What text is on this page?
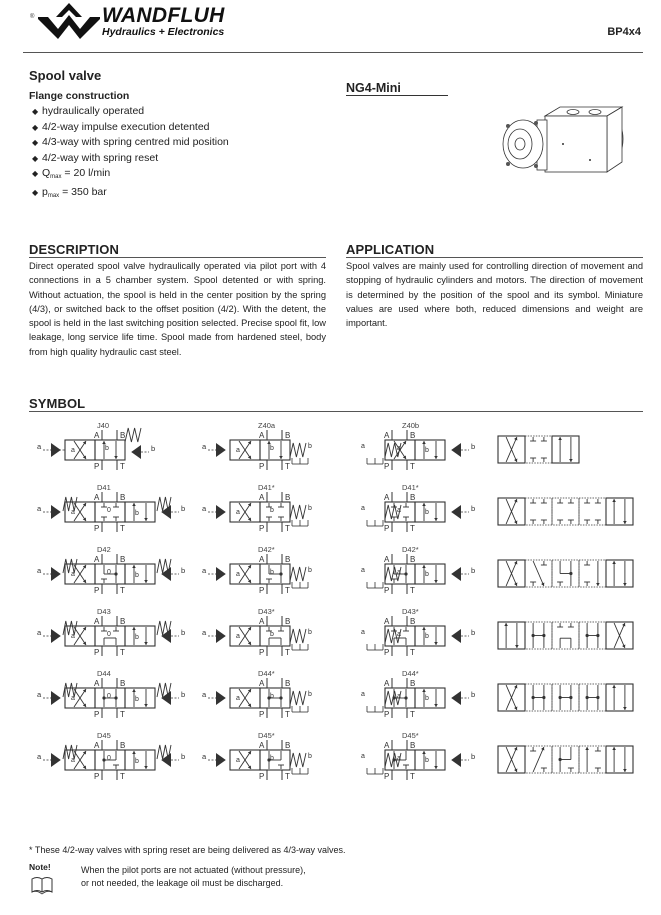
®	WANDFLUH
Hydraulics + Electronics	BP4x4
Spool valve
Flange construction
◆ hydraulically operated
◆ 4/2-way impulse execution detented
◆ 4/3-way with spring centred mid position
◆ 4/2-way with spring reset
◆ $Q_{max} = 20$ l/min
◆ $p_{max} = 350$ bar
NG4-Mini
DESCRIPTION
Direct operated spool valve hydraulically operated via pilot port with 4 connections in a 5 chamber system. Spool detented or with spring. Without actuation, the spool is held in the center position by the spring (4/3), or switched back to the offset position (4/2). With the detent, the spool is held in the last switching position selected. Precise spool fit, low leakage, long service life time. Spool made from hardened steel, body from high quality hydraulic cast steel.
APPLICATION
Spool valves are mainly used for controlling direction of movement and stopping of hydraulic cylinders and motors. The direction of movement is determined by the position of the spool and its symbol. Miniature values are used where both, reduced dimensions and weight are important.
SYMBOL
A	B
P	T
a	b
a	b
J40
A	B
P	T
a	b
a	b
Z40a
A	B
P	T
a	b
a	b
Z40b
A	B
P	T
a	0	b
a	b
D41
A	B
P	T
a	b
a	b
D41*
A	B
P	T
a	b
a	b
D41*
A	B
P	T
a	0	b
a	b
D42
A	B
P	T
a	b
a	b
D42*
A	B
P	T
a	b
a	b
D42*
A	B
P	T
a	0	b
a	b
D43
A	B
P	T
a	b
a	b
D43*
A	B
P	T
a	b
a	b
D43*
A	B
P	T
a	0	b
a	b
D44
A	B
P	T
a	b
a	b
D44*
A	B
P	T
a	b
a	b
D44*
A	B
P	T
a	0	b
a	b
D45
A	B
P	T
a	b
a	b
D45*
A	B
P	T
a	b
a	b
D45*
* These 4/2-way valves with spring reset are being delivered as 4/3-way valves.
Note!	When the pilot ports are not actuated (without pressure), or not needed, the leakage oil must be discharged.
